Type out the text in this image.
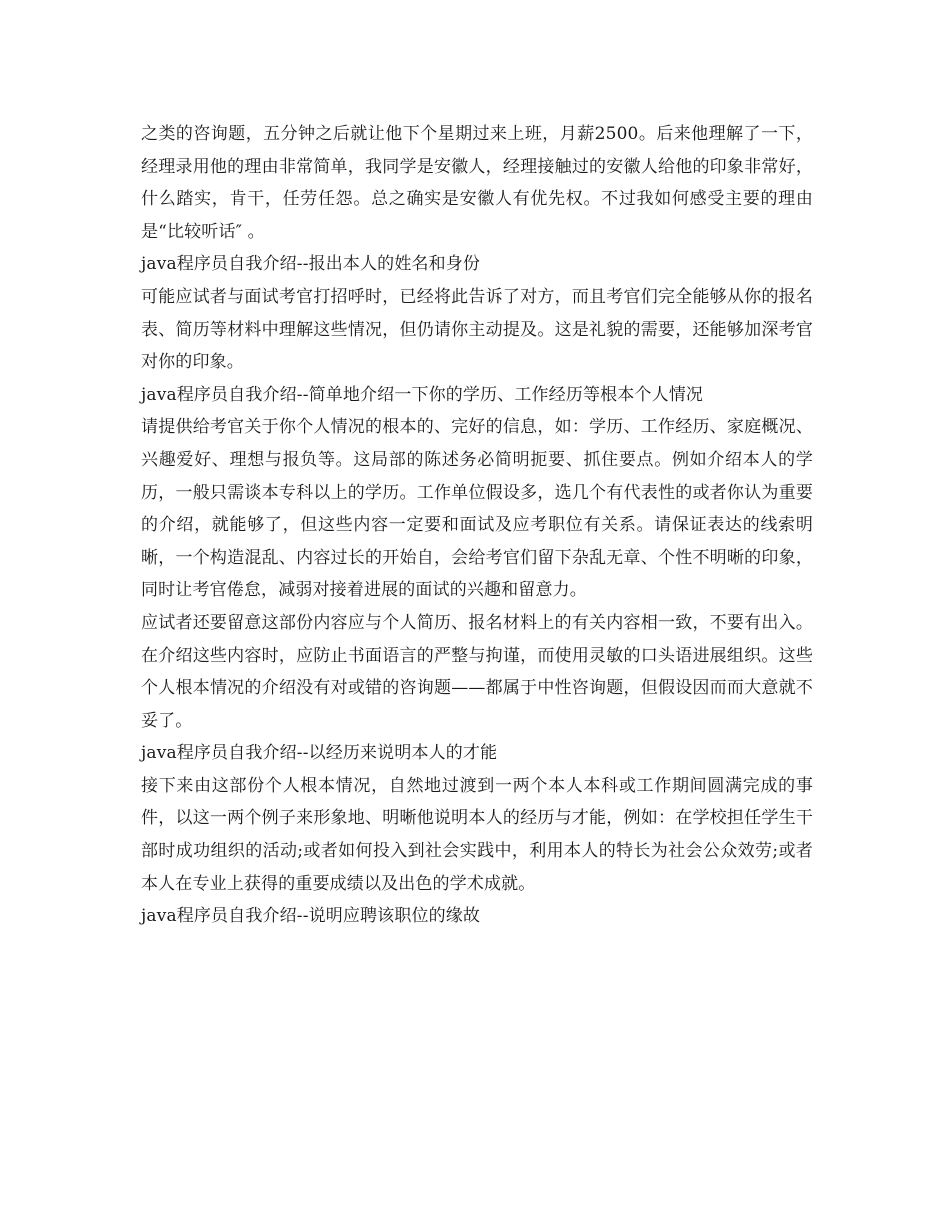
之类的咨询题，五分钟之后就让他下个星期过来上班，月薪2500。后来他理解了一下，经理录用他的理由非常简单，我同学是安徽人，经理接触过的安徽人给他的印象非常好，什么踏实，肯干，任劳任怨。总之确实是安徽人有优先权。不过我如何感受主要的理由是“比较听话″ 。

java程序员自我介绍--报出本人的姓名和身份

可能应试者与面试考官打招呼时，已经将此告诉了对方，而且考官们完全能够从你的报名表、简历等材料中理解这些情况，但仍请你主动提及。这是礼貌的需要，还能够加深考官对你的印象。

java程序员自我介绍--简单地介绍一下你的学历、工作经历等根本个人情况

请提供给考官关于你个人情况的根本的、完好的信息，如：学历、工作经历、家庭概况、兴趣爱好、理想与报负等。这局部的陈述务必简明扼要、抓住要点。例如介绍本人的学历，一般只需谈本专科以上的学历。工作单位假设多，选几个有代表性的或者你认为重要的介绍，就能够了，但这些内容一定要和面试及应考职位有关系。请保证表达的线索明晰，一个构造混乱、内容过长的开始自，会给考官们留下杂乱无章、个性不明晰的印象，同时让考官倦怠，减弱对接着进展的面试的兴趣和留意力。

应试者还要留意这部份内容应与个人简历、报名材料上的有关内容相一致，不要有出入。在介绍这些内容时，应防止书面语言的严整与拘谨，而使用灵敏的口头语进展组织。这些个人根本情况的介绍没有对或错的咨询题——都属于中性咨询题，但假设因而而大意就不妥了。

java程序员自我介绍--以经历来说明本人的才能

接下来由这部份个人根本情况，自然地过渡到一两个本人本科或工作期间圆满完成的事件，以这一两个例子来形象地、明晰他说明本人的经历与才能，例如：在学校担任学生干部时成功组织的活动;或者如何投入到社会实践中，利用本人的特长为社会公众效劳;或者本人在专业上获得的重要成绩以及出色的学术成就。

java程序员自我介绍--说明应聘该职位的缘故
